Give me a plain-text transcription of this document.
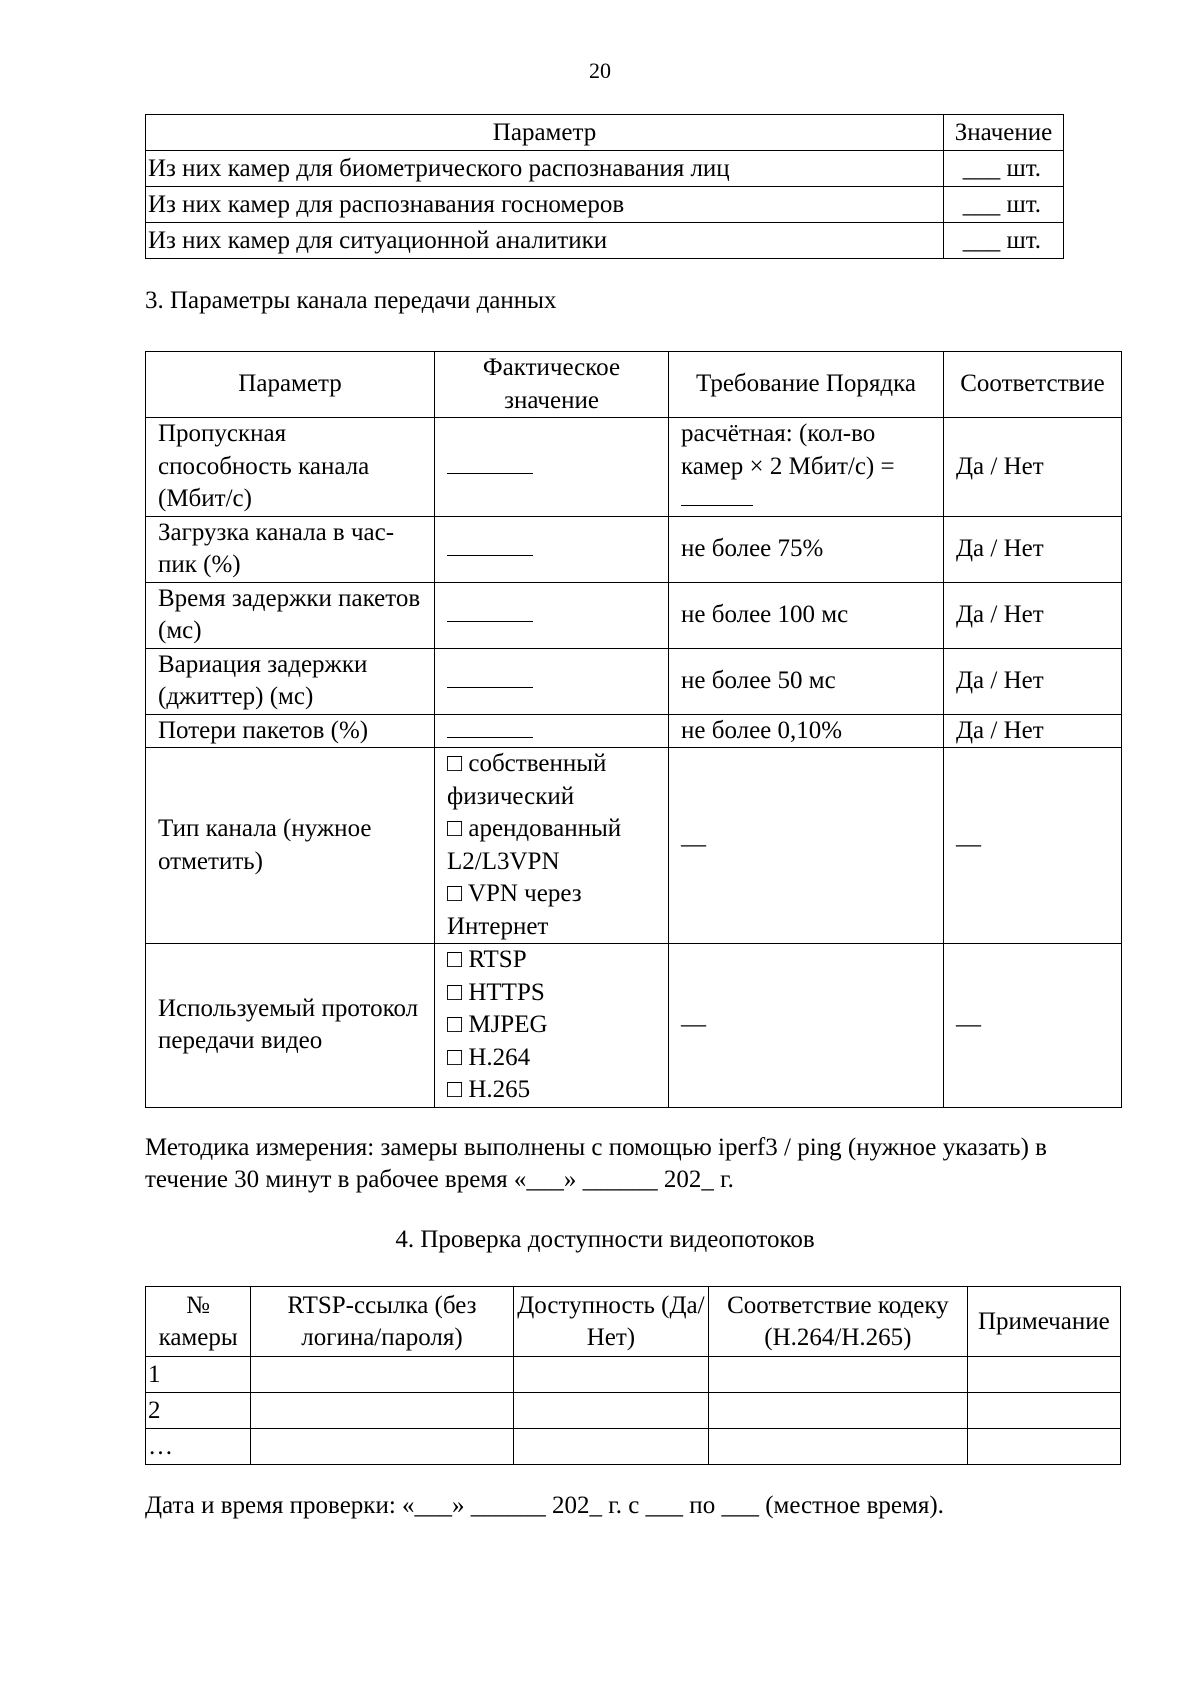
20
Параметр	Значение
Из них камер для биометрического распознавания лиц	___ шт.
Из них камер для распознавания госномеров	___ шт.
Из них камер для ситуационной аналитики	___ шт.
3. Параметры канала передачи данных
Параметр	Фактическое значение	Требование Порядка	Соответствие
Пропускная способность канала (Мбит/с)		расчётная: (кол-во камер × 2 Мбит/с) =	Да / Нет
Загрузка канала в час-пик (%)		не более 75%	Да / Нет
Время задержки пакетов (мс)		не более 100 мс	Да / Нет
Вариация задержки (джиттер) (мс)		не более 50 мс	Да / Нет
Потери пакетов (%)		не более 0,10%	Да / Нет
Тип канала (нужное отметить)	□ собственный физический
□ арендованный L2/L3VPN
□ VPN через Интернет	—	—
Используемый протокол передачи видео	□ RTSP
□ HTTPS
□ MJPEG
□ H.264
□ H.265	—	—
Методика измерения: замеры выполнены с помощью iperf3 / ping (нужное указать) в течение 30 минут в рабочее время «___» ______ 202_ г.
4. Проверка доступности видеопотоков
№ камеры	RTSP-ссылка (без логина/пароля)	Доступность (Да/Нет)	Соответствие кодеку (H.264/H.265)	Примечание
1				
2				
…				
Дата и время проверки: «___» ______ 202_ г. с ___ по ___ (местное время).
